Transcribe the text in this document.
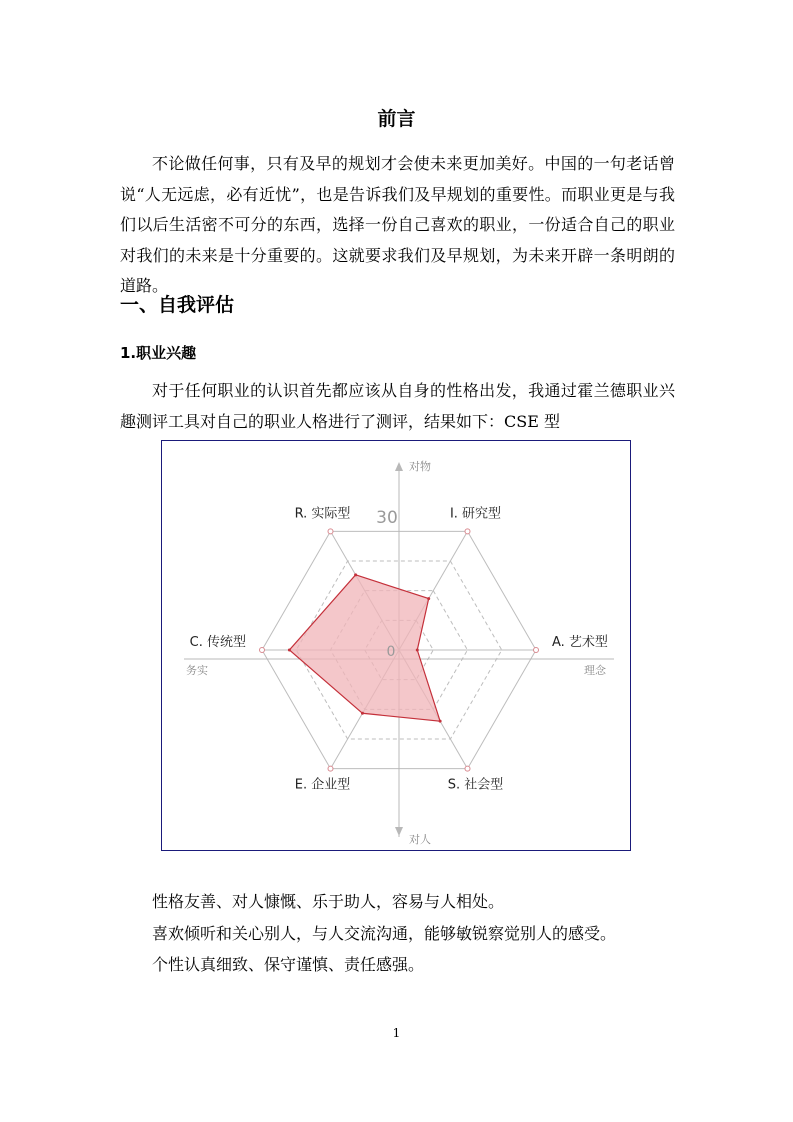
前言

不论做任何事，只有及早的规划才会使未来更加美好。中国的一句老话曾说“人无远虑，必有近忧”，也是告诉我们及早规划的重要性。而职业更是与我们以后生活密不可分的东西，选择一份自己喜欢的职业，一份适合自己的职业对我们的未来是十分重要的。这就要求我们及早规划，为未来开辟一条明朗的道路。

一、自我评估
1.职业兴趣

对于任何职业的认识首先都应该从自身的性格出发，我通过霍兰德职业兴趣测评工具对自己的职业人格进行了测评，结果如下：CSE 型

I. 研究型
A. 艺术型
S. 社会型
E. 企业型
C. 传统型
R. 实际型 30
0
对物
对人
务实	理念
性格友善、对人慷慨、乐于助人，容易与人相处。
喜欢倾听和关心别人，与人交流沟通，能够敏锐察觉别人的感受。
个性认真细致、保守谨慎、责任感强。
1
